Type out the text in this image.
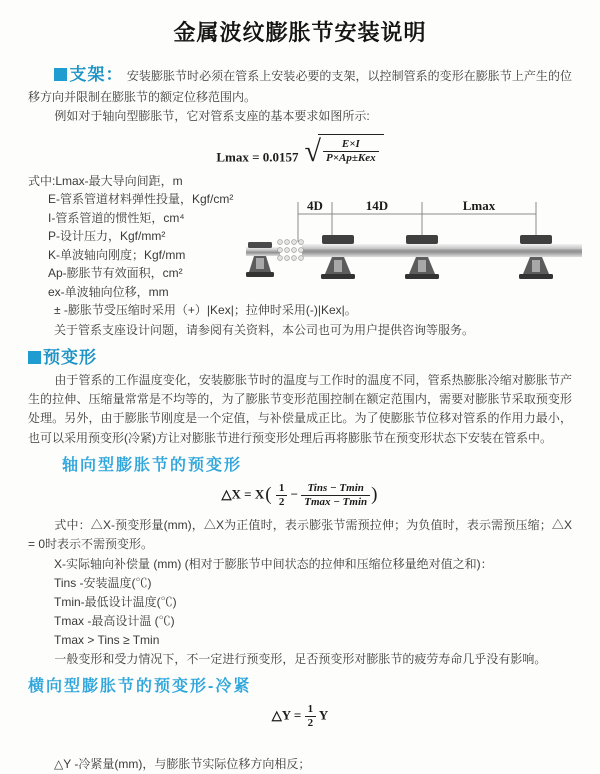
金属波纹膨胀节安装说明

支架： 安装膨胀节时必须在管系上安装必要的支架，以控制管系的变形在膨胀节上产生的位移方向并限制在膨胀节的额定位移范围内。

例如对于轴向型膨胀节，它对管系支座的基本要求如图所示:

Lmax = 0.0157 √ $\frac{E\times I}{\text{P×Ap±Kex}}$
式中:Lmax-最大导向间距，m
E-管系管道材料弹性投量，Kgf/cm²
I-管系管道的惯性矩，cm⁴
P-设计压力，Kgf/mm²
K-单波轴向刚度；Kgf/mm
Ap-膨胀节有效面积，cm²
ex-单波轴向位移，mm
4D	14D	Lmax

± -膨胀节受压缩时采用（+）|Kex|；拉伸时采用(-)|Kex|。

关于管系支座设计问题，请参阅有关资料，本公司也可为用户提供咨询等服务。

预变形

由于管系的工作温度变化，安装膨胀节时的温度与工作时的温度不同，管系热膨胀冷缩对膨胀节产生的拉伸、压缩量常常是不均等的，为了膨胀节变形范围控制在额定范围内，需要对膨胀节采取预变形处理。另外，由于膨胀节刚度是一个定值，与补偿量成正比。为了使膨胀节位移对管系的作用力最小，也可以采用预变形(冷紧)方让对膨胀节进行预变形处理后再将膨胀节在预变形状态下安装在管系中。

轴向型膨胀节的预变形
△X = $X( \frac{1}{2} - \frac{\text{Tins − Tmin}}{Tmax - Tmin}$ )

式中：△X-预变形量(mm)，△X为正值时，表示膨张节需预拉伸；为负值时，表示需预压缩；△X = 0时表示不需预变形。

X-实际轴向补偿量 (mm) (相对于膨胀节中间状态的拉伸和压缩位移量绝对值之和)：
Tins -安装温度(℃)
Tmin-最低设计温度(℃)
Tmax -最高设计温 (℃)
Tmax > Tins ≥ Tmin

一般变形和受力情况下，不一定进行预变形，足否预变形对膨胀节的疲劳寿命几乎没有影响。

横向型膨胀节的预变形-冷紧
△Y = $\frac{1}{2}$ Y

△Y -冷紧量(mm)，与膨胀节实际位移方向相反；
